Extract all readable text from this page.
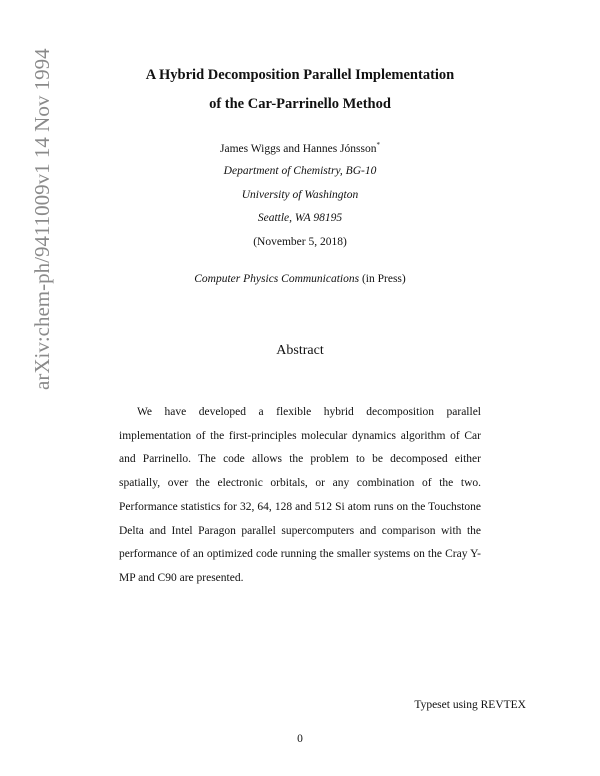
arXiv:chem-ph/9411009v1 14 Nov 1994	A Hybrid Decomposition Parallel Implementation
of the Car-Parrinello Method
James Wiggs and Hannes Jónsson*
Department of Chemistry, BG-10
University of Washington
Seattle, WA 98195
(November 5, 2018)
Computer Physics Communications (in Press)
Abstract

We have developed a flexible hybrid decomposition parallel implementation of the first-principles molecular dynamics algorithm of Car and Parrinello. The code allows the problem to be decomposed either spatially, over the electronic orbitals, or any combination of the two. Performance statistics for 32, 64, 128 and 512 Si atom runs on the Touchstone Delta and Intel Paragon parallel supercomputers and comparison with the performance of an optimized code running the smaller systems on the Cray Y-MP and C90 are presented.

Typeset using REVTEX
0
